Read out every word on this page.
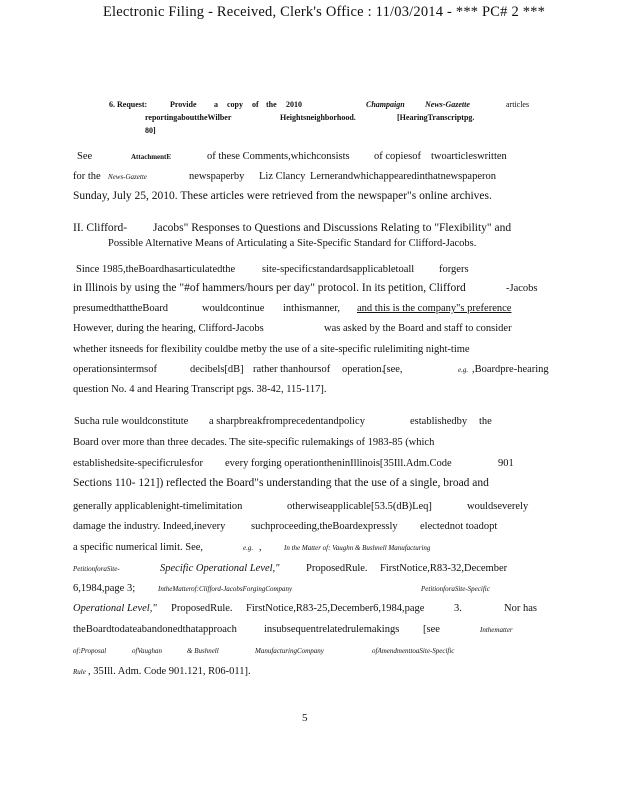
Electronic Filing - Received, Clerk's Office : 11/03/2014 - *** PC# 2 ***
6. Request:	Provide a copy of the 2010	Champaign	News-Gazette	articles
reportingabouttheWilber	Heightsneighborhood.	[HearingTranscriptpg.
80]
See	AttachmentE	of these Comments,whichconsists of copiesof twoarticleswritten
for the News-Gazette	newspaperby Liz Clancy Lernerandwhichappearedinthatnewspaperon
Sunday, July 25, 2010. These articles were retrieved from the newspaper"s online archives.
II. Clifford- Jacobs" Responses to Questions and Discussions Relating to "Flexibility" and
Possible Alternative Means of Articulating a Site-Specific Standard for Clifford-Jacobs.
Since 1985,theBoardhasarticulatedthe	site-specificstandardsapplicabletoall forgers
in Illinois by using the "#of hammers/hours per day" protocol. In its petition, Clifford	-Jacobs
presumedthattheBoard	wouldcontinue inthismanner, and this is the company"s preference
However, during the hearing, Clifford-Jacobs	was asked by the Board and staff to consider
whether itsneeds for flexibility couldbe metby the use of a site-specific rulelimiting night-time
operationsintermsof	decibels[dB] rather thanhoursof operation.
[see,	e.g. ,Boardpre-hearing
question No. 4 and Hearing Transcript pgs. 38-42, 115-117].
Sucha rule wouldconstitute a sharpbreakfromprecedentandpolicy	establishedby the
Board over more than three decades. The site-specific rulemakings of 1983-85 (which
establishedsite-specificrulesfor every forging operationtheninIllinois[35Ill.Adm.Code	901
Sections 110- 121]) reflected the Board"s understanding that the use of a single, broad and
generally applicablenight-timelimitation	otherwiseapplicable[53.5(dB)Leq]	wouldseverely
damage the industry. Indeed,inevery suchproceeding,theBoardexpressly electednot toadopt
a specific numerical limit. See,	e.g. ,	In the Matter of: Vaughn & Bushnell Manufacturing
PetitionforaSite-	Specific Operational Level,"	ProposedRule. FirstNotice,R83-32,December
6,1984,page 3;	IntheMatterof:Clifford-JacobsForgingCompany	PetitionforaSite-Specific
Operational Level," ProposedRule. FirstNotice,R83-25,December6,1984,page	3.	Nor has
theBoardtodateabandonedthatapproach	insubsequentrelatedrulemakings [see	Inthematter
of:Proposal	ofVaughan	& Bushnell	ManufacturingCompany	ofAmendmenttoaSite-Specific
Rule , 35Ill. Adm. Code 901.121, R06-011].
5
